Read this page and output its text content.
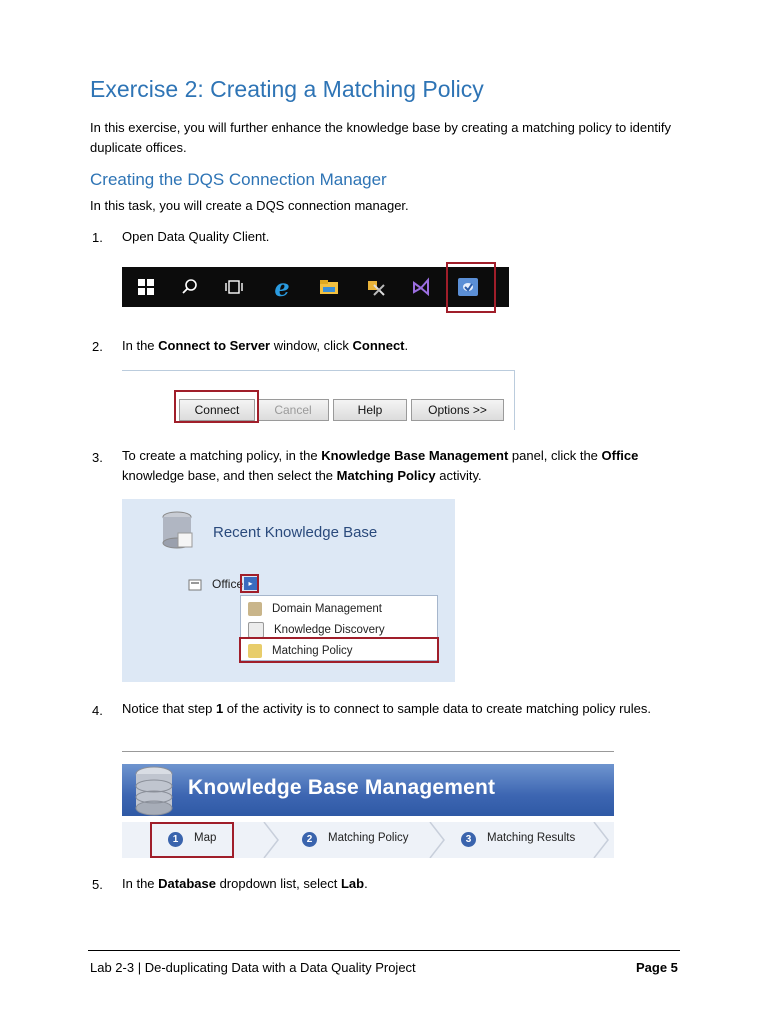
Exercise 2: Creating a Matching Policy
In this exercise, you will further enhance the knowledge base by creating a matching policy to identify duplicate offices.
Creating the DQS Connection Manager
In this task, you will create a DQS connection manager.
1. Open Data Quality Client.
e
2. In the Connect to Server window, click Connect.
Connect	Cancel	Help	Options >>
3. To create a matching policy, in the Knowledge Base Management panel, click the Office knowledge base, and then select the Matching Policy activity.
Recent Knowledge Base
Office ▸
Domain Management
Knowledge Discovery
Matching Policy
4. Notice that step 1 of the activity is to connect to sample data to create matching policy rules.
Knowledge Base Management
1	Map	2	Matching Policy	3	Matching Results
5. In the Database dropdown list, select Lab.
Lab 2-3 | De-duplicating Data with a Data Quality Project	Page 5
